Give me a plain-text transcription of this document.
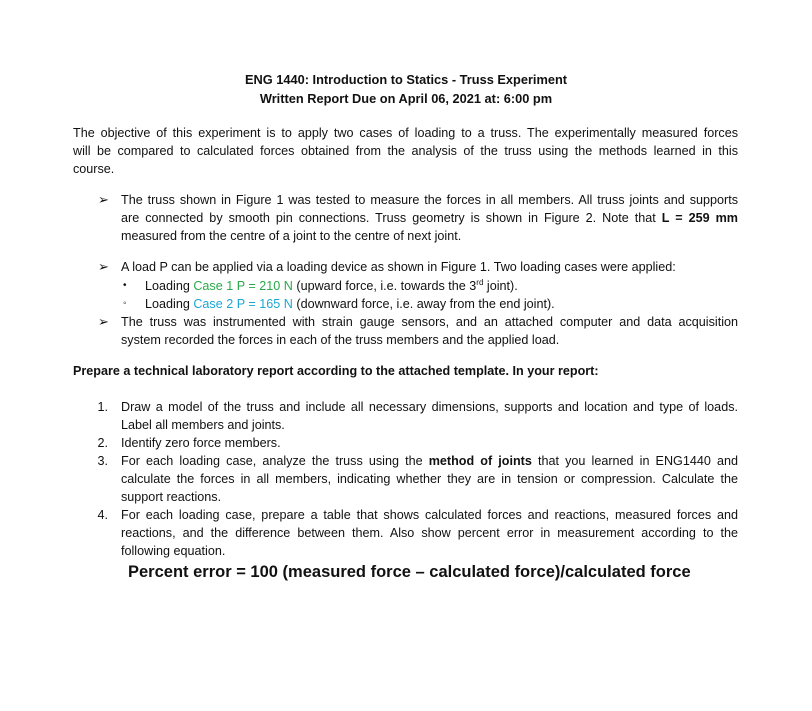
ENG 1440: Introduction to Statics - Truss Experiment
Written Report Due on April 06, 2021 at: 6:00 pm
The objective of this experiment is to apply two cases of loading to a truss. The experimentally measured forces
will be compared to calculated forces obtained from the analysis of the truss using the methods learned in this
course.
➢ The truss shown in Figure 1 was tested to measure the forces in all members. All truss joints and supports
are connected by smooth pin connections. Truss geometry is shown in Figure 2. Note that L = 259 mm
measured from the centre of a joint to the centre of next joint.
➢ A load P can be applied via a loading device as shown in Figure 1. Two loading cases were applied:
• Loading Case 1 P = 210 N (upward force, i.e. towards the 3rd joint).
◦ Loading Case 2 P = 165 N (downward force, i.e. away from the end joint).
➢ The truss was instrumented with strain gauge sensors, and an attached computer and data acquisition
system recorded the forces in each of the truss members and the applied load.
Prepare a technical laboratory report according to the attached template. In your report:
1. Draw a model of the truss and include all necessary dimensions, supports and location and type of loads.
Label all members and joints.
2. Identify zero force members.
3. For each loading case, analyze the truss using the method of joints that you learned in ENG1440 and
calculate the forces in all members, indicating whether they are in tension or compression. Calculate the
support reactions.
4. For each loading case, prepare a table that shows calculated forces and reactions, measured forces and
reactions, and the difference between them. Also show percent error in measurement according to the
following equation.
Percent error = 100 (measured force – calculated force)/calculated force
